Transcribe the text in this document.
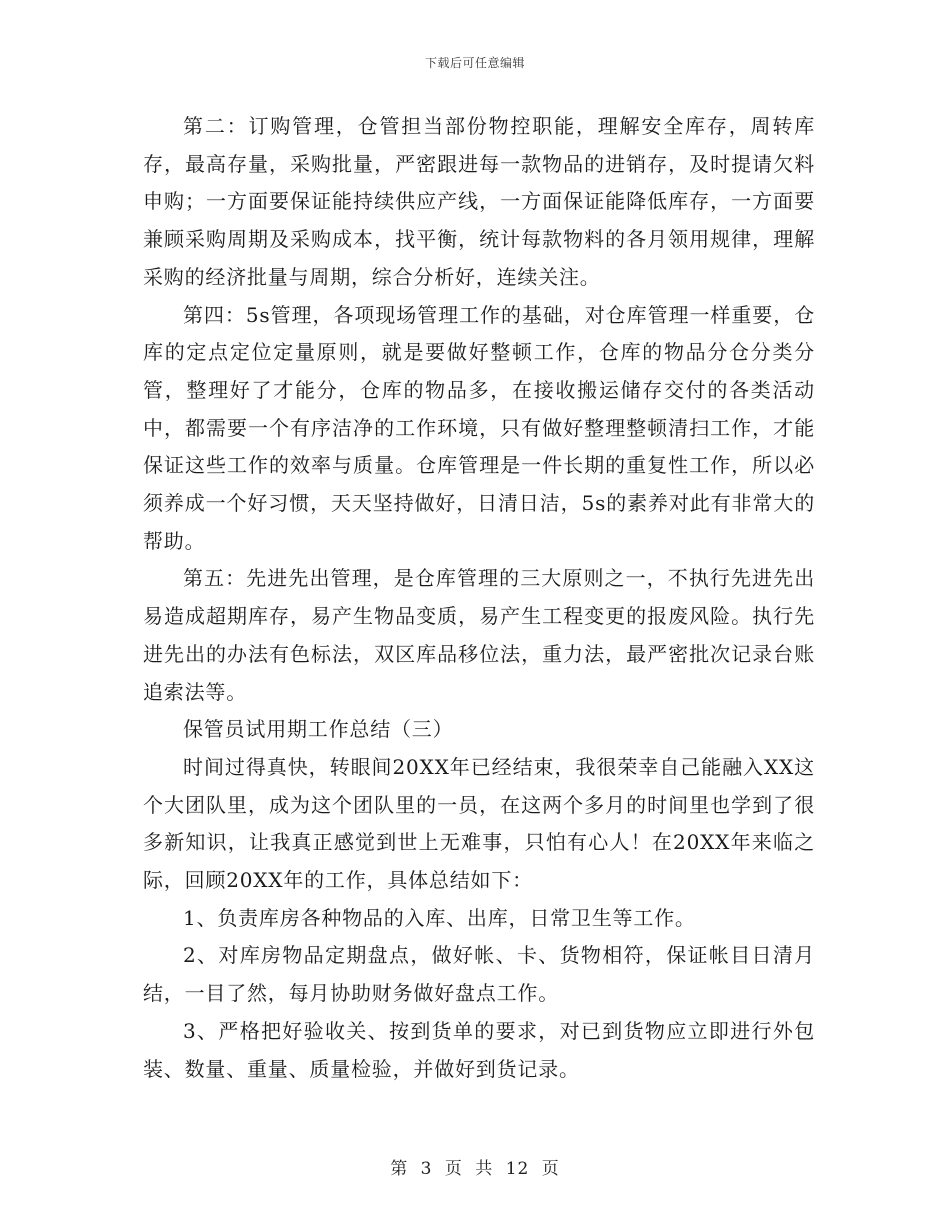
下载后可任意编辑

第二：订购管理，仓管担当部份物控职能，理解安全库存，周转库存，最高存量，采购批量，严密跟进每一款物品的进销存，及时提请欠料申购；一方面要保证能持续供应产线，一方面保证能降低库存，一方面要兼顾采购周期及采购成本，找平衡，统计每款物料的各月领用规律，理解采购的经济批量与周期，综合分析好，连续关注。

第四：5s管理，各项现场管理工作的基础，对仓库管理一样重要，仓库的定点定位定量原则，就是要做好整顿工作，仓库的物品分仓分类分管，整理好了才能分，仓库的物品多，在接收搬运储存交付的各类活动中，都需要一个有序洁净的工作环境，只有做好整理整顿清扫工作，才能保证这些工作的效率与质量。仓库管理是一件长期的重复性工作，所以必须养成一个好习惯，天天坚持做好，日清日洁，5s的素养对此有非常大的帮助。

第五：先进先出管理，是仓库管理的三大原则之一，不执行先进先出易造成超期库存，易产生物品变质，易产生工程变更的报废风险。执行先进先出的办法有色标法，双区库品移位法，重力法，最严密批次记录台账追索法等。

保管员试用期工作总结（三）

时间过得真快，转眼间20XX年已经结束，我很荣幸自己能融入XX这个大团队里，成为这个团队里的一员，在这两个多月的时间里也学到了很多新知识，让我真正感觉到世上无难事，只怕有心人！在20XX年来临之际，回顾20XX年的工作，具体总结如下：

1、负责库房各种物品的入库、出库，日常卫生等工作。

2、对库房物品定期盘点，做好帐、卡、货物相符，保证帐目日清月结，一目了然，每月协助财务做好盘点工作。

3、严格把好验收关、按到货单的要求，对已到货物应立即进行外包装、数量、重量、质量检验，并做好到货记录。

第 3 页 共 12 页
